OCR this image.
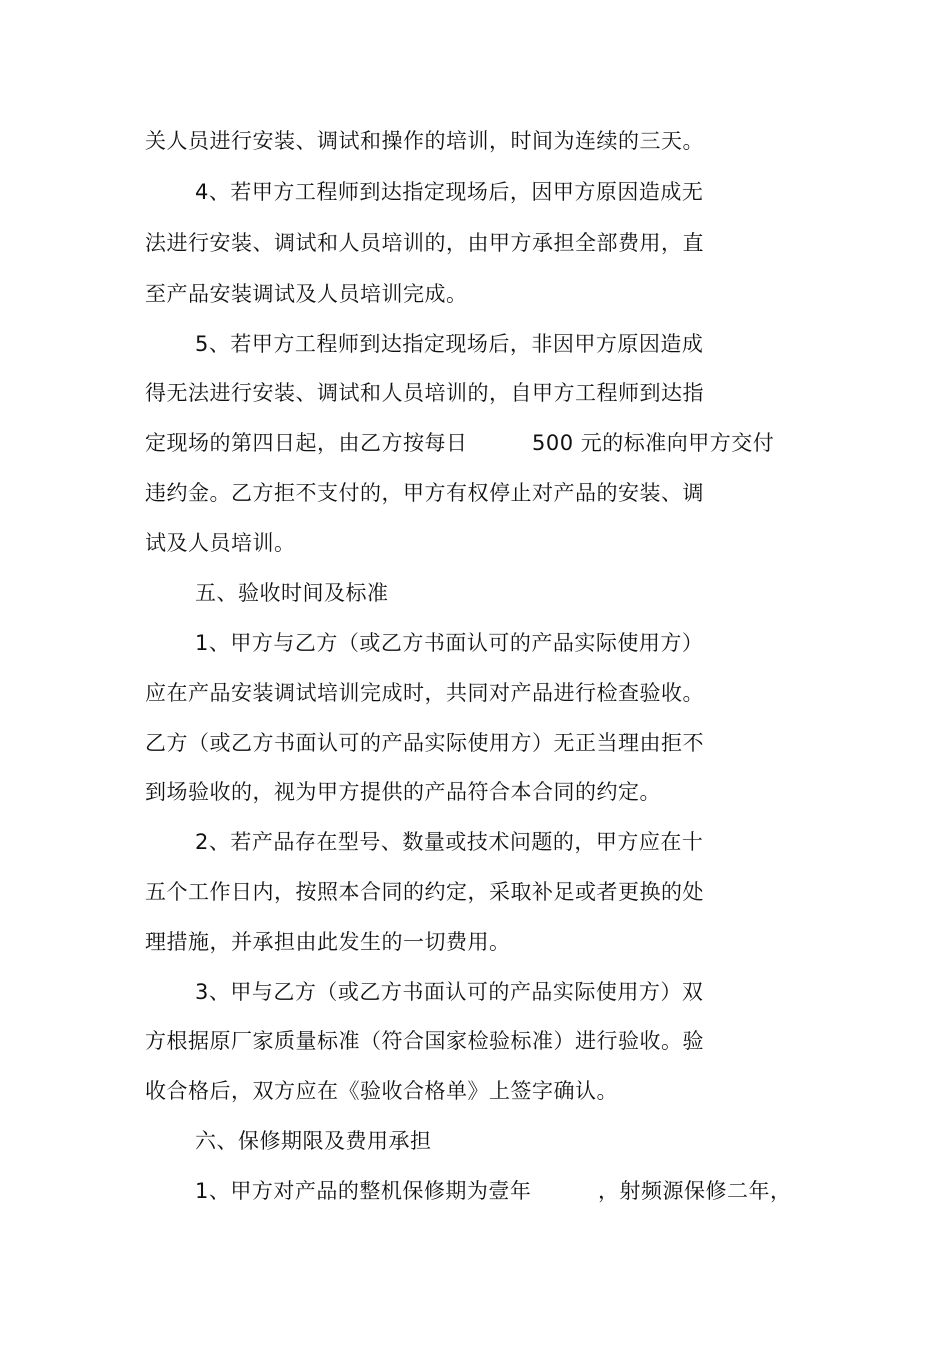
关人员进行安装、调试和操作的培训，时间为连续的三天。
4、若甲方工程师到达指定现场后，因甲方原因造成无
法进行安装、调试和人员培训的，由甲方承担全部费用，直
至产品安装调试及人员培训完成。
5、若甲方工程师到达指定现场后，非因甲方原因造成
得无法进行安装、调试和人员培训的，自甲方工程师到达指
定现场的第四日起，由乙方按每日	500 元的标准向甲方交付
违约金。乙方拒不支付的，甲方有权停止对产品的安装、调
试及人员培训。
五、验收时间及标准
1、甲方与乙方（或乙方书面认可的产品实际使用方）
应在产品安装调试培训完成时，共同对产品进行检查验收。
乙方（或乙方书面认可的产品实际使用方）无正当理由拒不
到场验收的，视为甲方提供的产品符合本合同的约定。
2、若产品存在型号、数量或技术问题的，甲方应在十
五个工作日内，按照本合同的约定，采取补足或者更换的处
理措施，并承担由此发生的一切费用。
3、甲与乙方（或乙方书面认可的产品实际使用方）双
方根据原厂家质量标准（符合国家检验标准）进行验收。验
收合格后，双方应在《验收合格单》上签字确认。
六、保修期限及费用承担
1、甲方对产品的整机保修期为壹年	，射频源保修二年，
